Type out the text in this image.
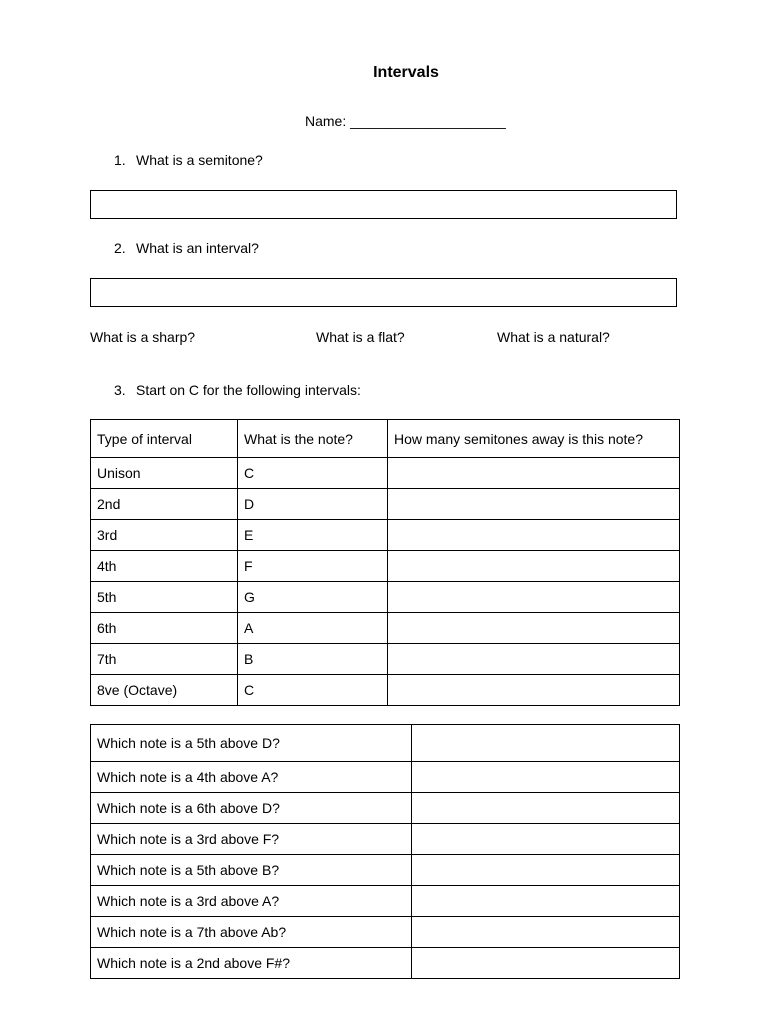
Intervals
Name: ____________________
1. What is a semitone?
2. What is an interval?
What is a sharp?	What is a flat?	What is a natural?
3. Start on C for the following intervals:
Type of interval	What is the note?	How many semitones away is this note?
Unison	C	
2nd	D	
3rd	E	
4th	F	
5th	G	
6th	A	
7th	B	
8ve (Octave)	C	
Which note is a 5th above D?	
Which note is a 4th above A?	
Which note is a 6th above D?	
Which note is a 3rd above F?	
Which note is a 5th above B?	
Which note is a 3rd above A?	
Which note is a 7th above Ab?	
Which note is a 2nd above F#?	
